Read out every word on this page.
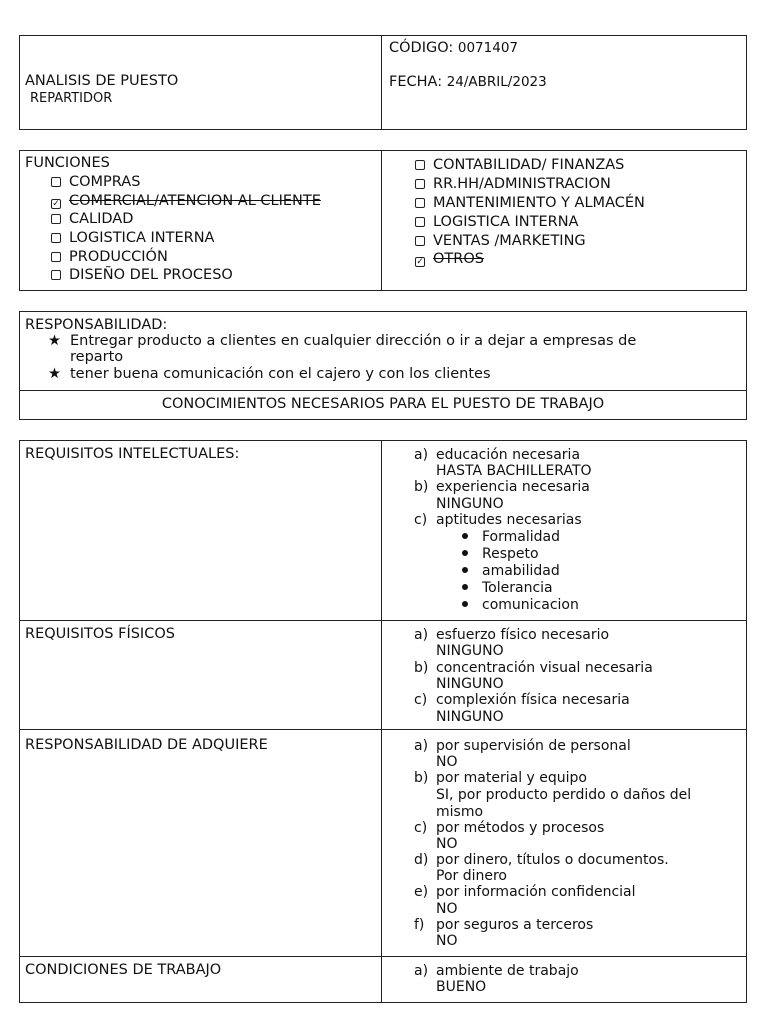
ANALISIS DE PUESTO
REPARTIDOR
CÓDIGO: 0071407
FECHA: 24/ABRIL/2023
FUNCIONES
COMPRAS
✓ COMERCIAL/ATENCION AL CLIENTE
CALIDAD
LOGISTICA INTERNA
PRODUCCIÓN
DISEÑO DEL PROCESO
CONTABILIDAD/ FINANZAS
RR.HH/ADMINISTRACION
MANTENIMIENTO Y ALMACÉN
LOGISTICA INTERNA
VENTAS /MARKETING
✓ OTROS
RESPONSABILIDAD:
★ Entregar producto a clientes en cualquier dirección o ir a dejar a empresas de
reparto
★ tener buena comunicación con el cajero y con los clientes
CONOCIMIENTOS NECESARIOS PARA EL PUESTO DE TRABAJO
REQUISITOS INTELECTUALES:	a) educación necesaria
HASTA BACHILLERATO
b) experiencia necesaria
NINGUNO
c) aptitudes necesarias
Formalidad
Respeto
amabilidad
Tolerancia
comunicacion
REQUISITOS FÍSICOS	a) esfuerzo físico necesario
NINGUNO
b) concentración visual necesaria
NINGUNO
c) complexión física necesaria
NINGUNO
RESPONSABILIDAD DE ADQUIERE	a) por supervisión de personal
NO
b) por material y equipo
SI, por producto perdido o daños del
mismo
c) por métodos y procesos
NO
d) por dinero, títulos o documentos.
Por dinero
e) por información confidencial
NO
f) por seguros a terceros
NO
CONDICIONES DE TRABAJO	a) ambiente de trabajo
BUENO
